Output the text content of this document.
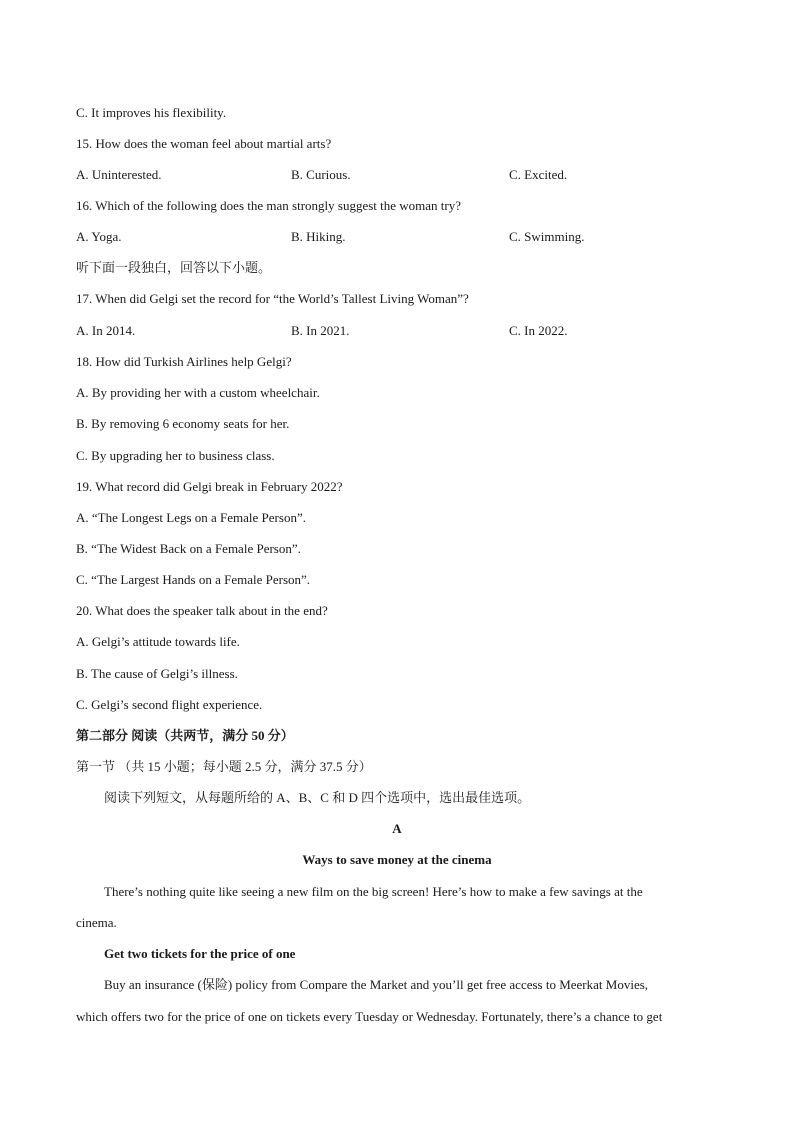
C. It improves his flexibility.
15. How does the woman feel about martial arts?
A. Uninterested.	B. Curious.	C. Excited.
16. Which of the following does the man strongly suggest the woman try?
A. Yoga.	B. Hiking.	C. Swimming.
听下面一段独白，回答以下小题。
17. When did Gelgi set the record for “the World’s Tallest Living Woman”?
A. In 2014.	B. In 2021.	C. In 2022.
18. How did Turkish Airlines help Gelgi?
A. By providing her with a custom wheelchair.
B. By removing 6 economy seats for her.
C. By upgrading her to business class.
19. What record did Gelgi break in February 2022?
A. “The Longest Legs on a Female Person”.
B. “The Widest Back on a Female Person”.
C. “The Largest Hands on a Female Person”.
20. What does the speaker talk about in the end?
A. Gelgi’s attitude towards life.
B. The cause of Gelgi’s illness.
C. Gelgi’s second flight experience.
第二部分 阅读（共两节，满分 50 分）
第一节 （共 15 小题；每小题 2.5 分，满分 37.5 分）
阅读下列短文，从每题所给的 A、B、C 和 D 四个选项中，选出最佳选项。
A
Ways to save money at the cinema
There’s nothing quite like seeing a new film on the big screen! Here’s how to make a few savings at the
cinema.
Get two tickets for the price of one
Buy an insurance (保险) policy from Compare the Market and you’ll get free access to Meerkat Movies,
which offers two for the price of one on tickets every Tuesday or Wednesday. Fortunately, there’s a chance to get
